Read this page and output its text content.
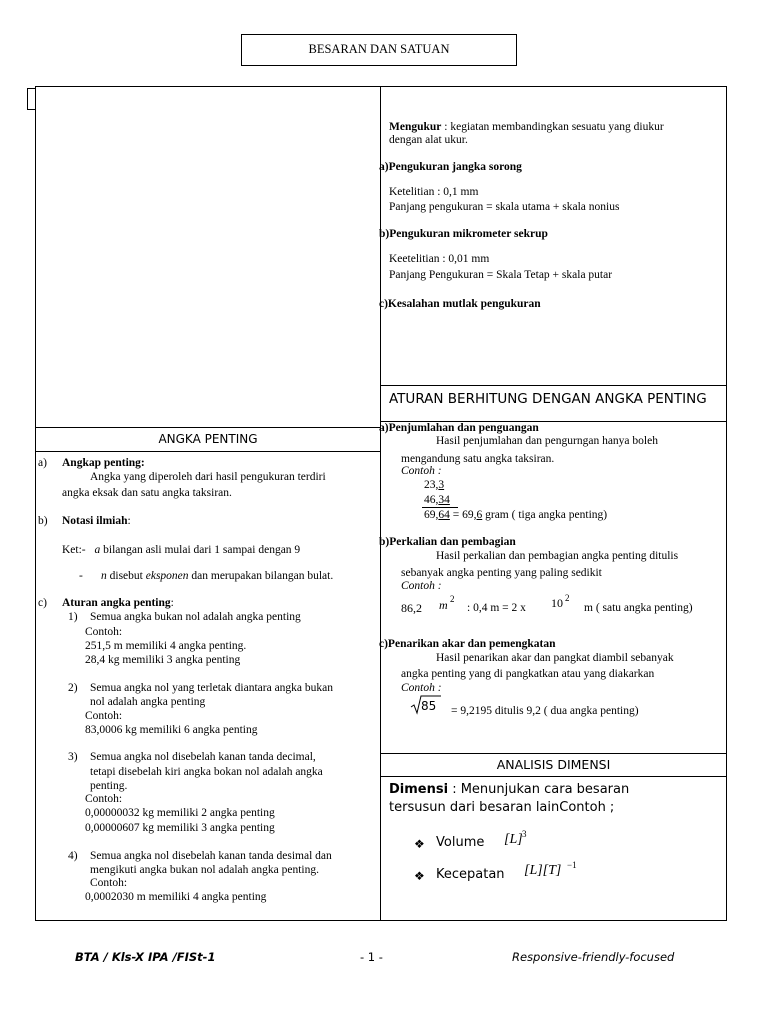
BESARAN DAN SATUAN
Mengukur : kegiatan membandingkan sesuatu yang diukur
dengan alat ukur.
a)Pengukuran jangka sorong
Ketelitian : 0,1 mm
Panjang pengukuran = skala utama + skala nonius
b)Pengukuran mikrometer sekrup
Keetelitian : 0,01 mm
Panjang Pengukuran = Skala Tetap + skala putar
c)Kesalahan mutlak pengukuran
ATURAN BERHITUNG DENGAN ANGKA PENTING
a)Penjumlahan dan penguangan
Hasil penjumlahan dan pengurngan hanya boleh
mengandung satu angka taksiran.
Contoh :
23,3
46,34
69,64 = 69,6 gram ( tiga angka penting)
b)Perkalian dan pembagian
Hasil perkalian dan pembagian angka penting ditulis
sebanyak angka penting yang paling sedikit
Contoh :
86,2 m 2
: 0,4 m = 2 x 10 2
m ( satu angka penting)
c)Penarikan akar dan pemengkatan
Hasil penarikan akar dan pangkat diambil sebanyak
angka penting yang di pangkatkan atau yang diakarkan
Contoh :
85 = 9,2195 ditulis 9,2 ( dua angka penting)
ANALISIS DIMENSI
Dimensi : Menunjukan cara besaran
tersusun dari besaran lainContoh ;
❖ Volume [L] 3
❖ Kecepatan [L][T] −1
ANGKA PENTING
a) Angkap penting:
Angka yang diperoleh dari hasil pengukuran terdiri
angka eksak dan satu angka taksiran.
b) Notasi ilmiah:
Ket:- a bilangan asli mulai dari 1 sampai dengan 9
- n disebut eksponen dan merupakan bilangan bulat.
c) Aturan angka penting:
1) Semua angka bukan nol adalah angka penting
Contoh:
251,5 m memiliki 4 angka penting.
28,4 kg memiliki 3 angka penting
2) Semua angka nol yang terletak diantara angka bukan
nol adalah angka penting
Contoh:
83,0006 kg memiliki 6 angka penting
3) Semua angka nol disebelah kanan tanda decimal,
tetapi disebelah kiri angka bokan nol adalah angka
penting.
Contoh:
0,00000032 kg memiliki 2 angka penting
0,00000607 kg memiliki 3 angka penting
4) Semua angka nol disebelah kanan tanda desimal dan
mengikuti angka bukan nol adalah angka penting.
Contoh:
0,0002030 m memiliki 4 angka penting
BTA / Kls-X IPA /FISt-1	- 1 -	Responsive-friendly-focused
